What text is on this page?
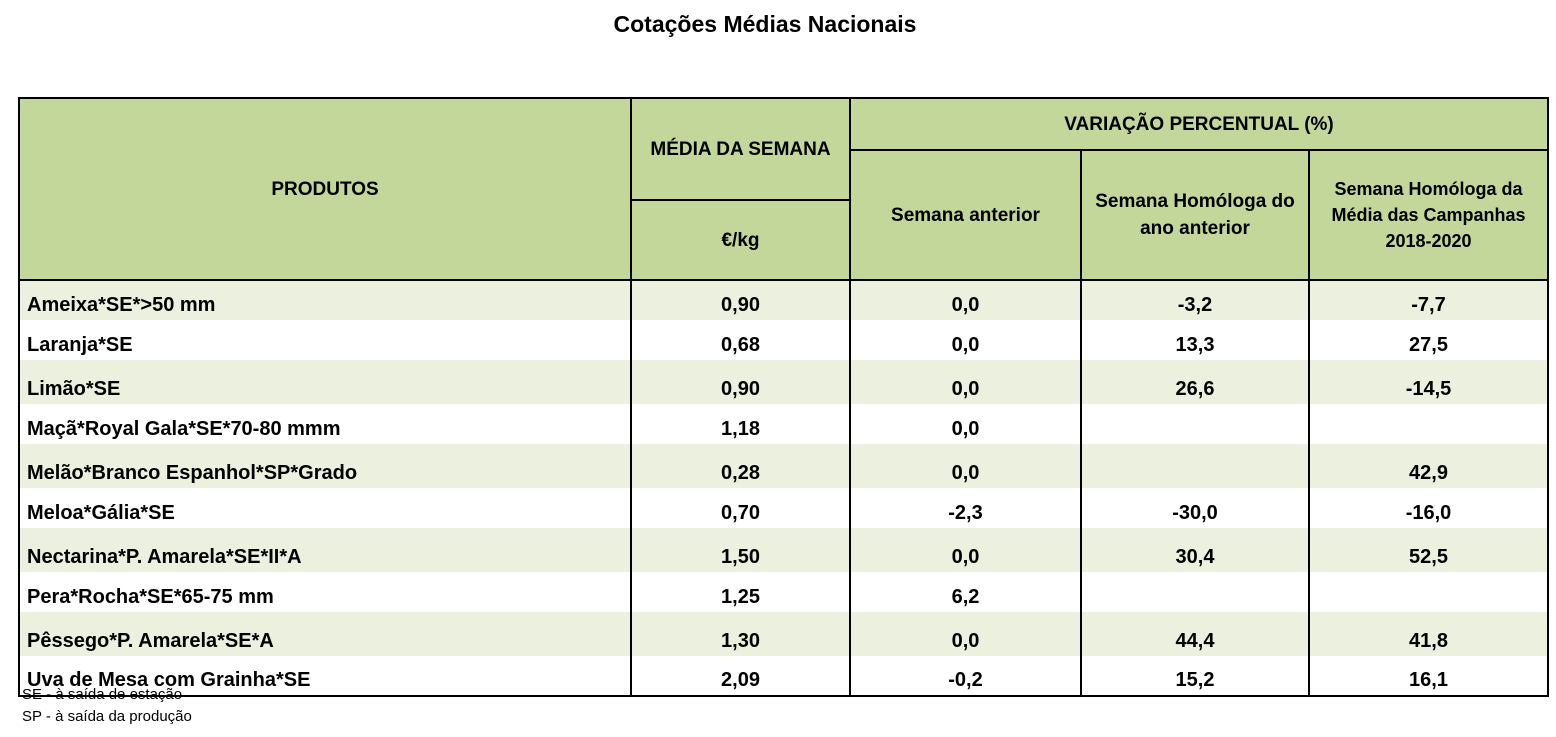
Cotações Médias Nacionais
PRODUTOS	MÉDIA DA SEMANA	VARIAÇÃO PERCENTUAL (%)		
		Semana anterior	Semana Homóloga do ano anterior	Semana Homóloga da Média das Campanhas 2018-2020
	€/kg			
Ameixa*SE*>50 mm	0,90	0,0	-3,2	-7,7
Laranja*SE	0,68	0,0	13,3	27,5
Limão*SE	0,90	0,0	26,6	-14,5
Maçã*Royal Gala*SE*70-80 mmm	1,18	0,0		
Melão*Branco Espanhol*SP*Grado	0,28	0,0		42,9
Meloa*Gália*SE	0,70	-2,3	-30,0	-16,0
Nectarina*P. Amarela*SE*II*A	1,50	0,0	30,4	52,5
Pera*Rocha*SE*65-75 mm	1,25	6,2		
Pêssego*P. Amarela*SE*A	1,30	0,0	44,4	41,8
Uva de Mesa com Grainha*SE	2,09	-0,2	15,2	16,1
SE - à saída de estação
SP - à saída da produção
